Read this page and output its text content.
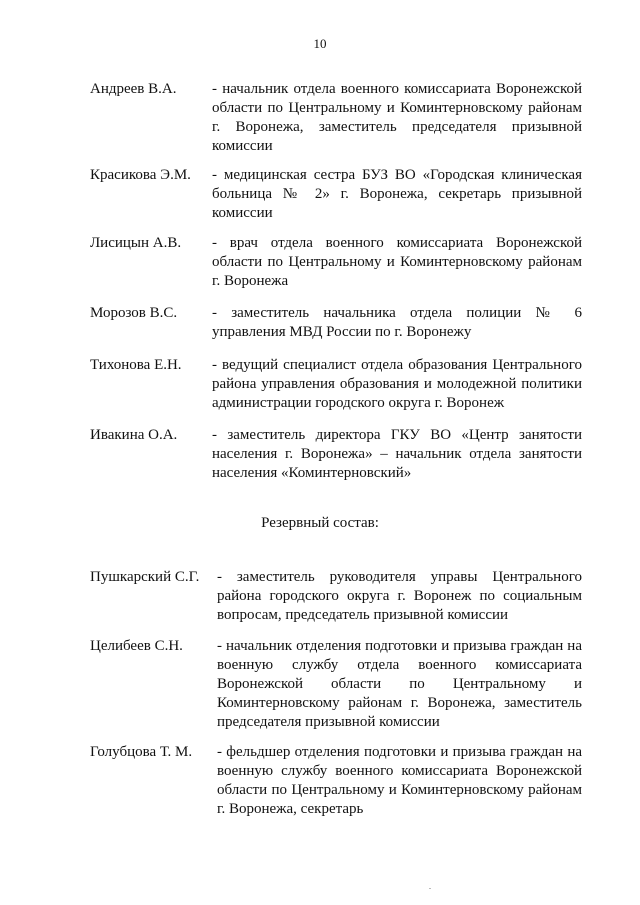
10
Андреев В.А. - начальник отдела военного комиссариата Воронежской области по Центральному и Коминтерновскому районам г. Воронежа, заместитель председателя призывной комиссии
Красикова Э.М. - медицинская сестра БУЗ ВО «Городская клиническая больница № 2» г. Воронежа, секретарь призывной комиссии
Лисицын А.В. - врач отдела военного комиссариата Воронежской области по Центральному и Коминтерновскому районам г. Воронежа
Морозов В.С. - заместитель начальника отдела полиции № 6 управления МВД России по г. Воронежу
Тихонова Е.Н. - ведущий специалист отдела образования Центрального района управления образования и молодежной политики администрации городского округа г. Воронеж
Ивакина О.А. - заместитель директора ГКУ ВО «Центр занятости населения г. Воронежа» – начальник отдела занятости населения «Коминтерновский»
Резервный состав:
Пушкарский С.Г. - заместитель руководителя управы Центрального района городского округа г. Воронеж по социальным вопросам, председатель призывной комиссии
Целибеев С.Н. - начальник отделения подготовки и призыва граждан на военную службу отдела военного комиссариата Воронежской области по Центральному и Коминтерновскому районам г. Воронежа, заместитель председателя призывной комиссии
Голубцова Т. М. - фельдшер отделения подготовки и призыва граждан на военную службу военного комиссариата Воронежской области по Центральному и Коминтерновскому районам г. Воронежа, секретарь
